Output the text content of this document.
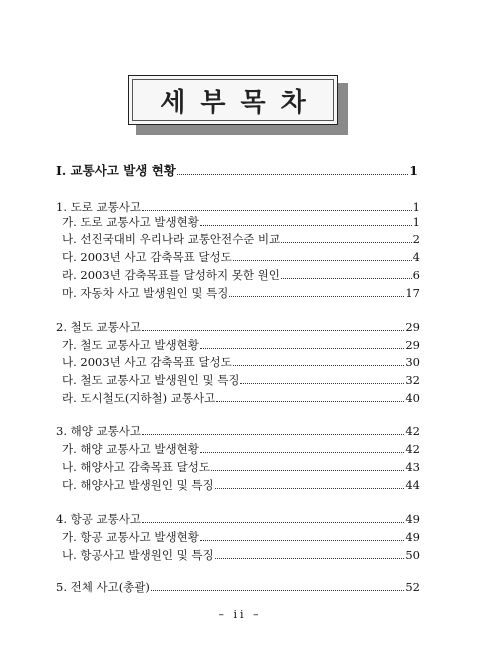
세부목차
Ⅰ. 교통사고 발생 현황	1
1. 도로 교통사고	1
가. 도로 교통사고 발생현황	1
나. 선진국대비 우리나라 교통안전수준 비교	2
다. 2003년 사고 감축목표 달성도	4
라. 2003년 감축목표를 달성하지 못한 원인	6
마. 자동차 사고 발생원인 및 특징	17
2. 철도 교통사고	29
가. 철도 교통사고 발생현황	29
나. 2003년 사고 감축목표 달성도	30
다. 철도 교통사고 발생원인 및 특징	32
라. 도시철도(지하철) 교통사고	40
3. 해양 교통사고	42
가. 해양 교통사고 발생현황	42
나. 해양사고 감축목표 달성도	43
다. 해양사고 발생원인 및 특징	44
4. 항공 교통사고	49
가. 항공 교통사고 발생현황	49
나. 항공사고 발생원인 및 특징	50
5. 전체 사고(총괄)	52
– ii –
